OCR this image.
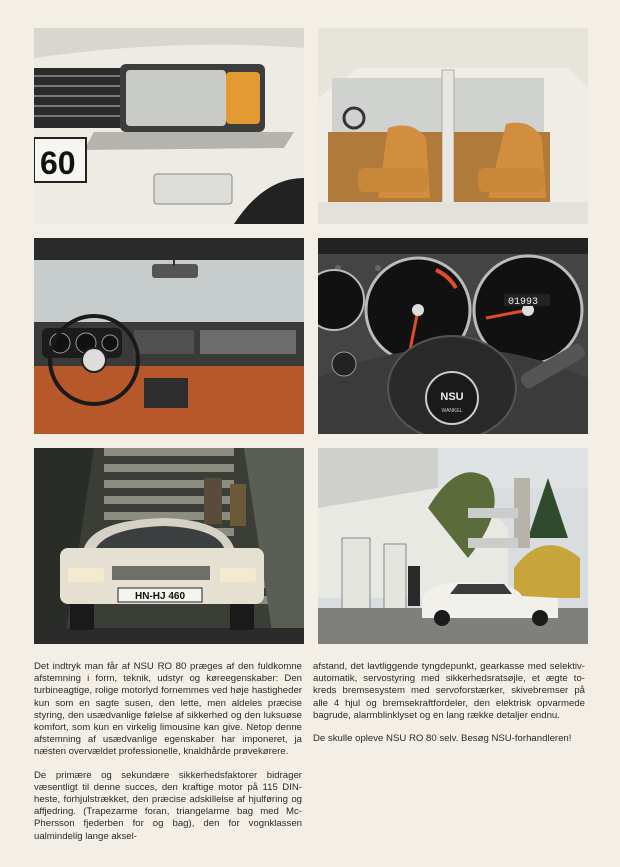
60
01993
NSU
WANKEL
HN-HJ 460

Det indtryk man får af NSU RO 80 præges af den fuldkomne afstemning i form, teknik, udstyr og køreegenskaber: Den turbineagtige, rolige motorlyd fornemmes ved høje hastigheder kun som en sagte susen, den lette, men aldeles præcise styring, den usædvanlige følelse af sikkerhed og den luksuøse komfort, som kun en virkelig limousine kan give. Netop denne afstemning af usædvanlige egenskaber har imponeret, ja næsten overvældet professionelle, knaldhårde prøvekørere.

De primære og sekundære sikkerhedsfaktorer bidrager væsentligt til denne succes, den kraftige motor på 115 DIN-heste, forhjulstrækket, den præcise adskillelse af hjulføring og affjedring. (Trapezarme foran, triangelarme bag med Mc-Phersson fjederben for og bag), den for vognklassen ualmindelig lange aksel-

afstand, det lavtliggende tyngdepunkt, gearkasse med selektiv-automatik, servostyring med sikkerhedsratsøjle, et ægte to-kreds bremsesystem med servoforstærker, skivebremser på alle 4 hjul og bremsekraftfordeler, den elektrisk opvarmede bagrude, alarmblinklyset og en lang række detaljer endnu.

De skulle opleve NSU RO 80 selv. Besøg NSU-forhandleren!
